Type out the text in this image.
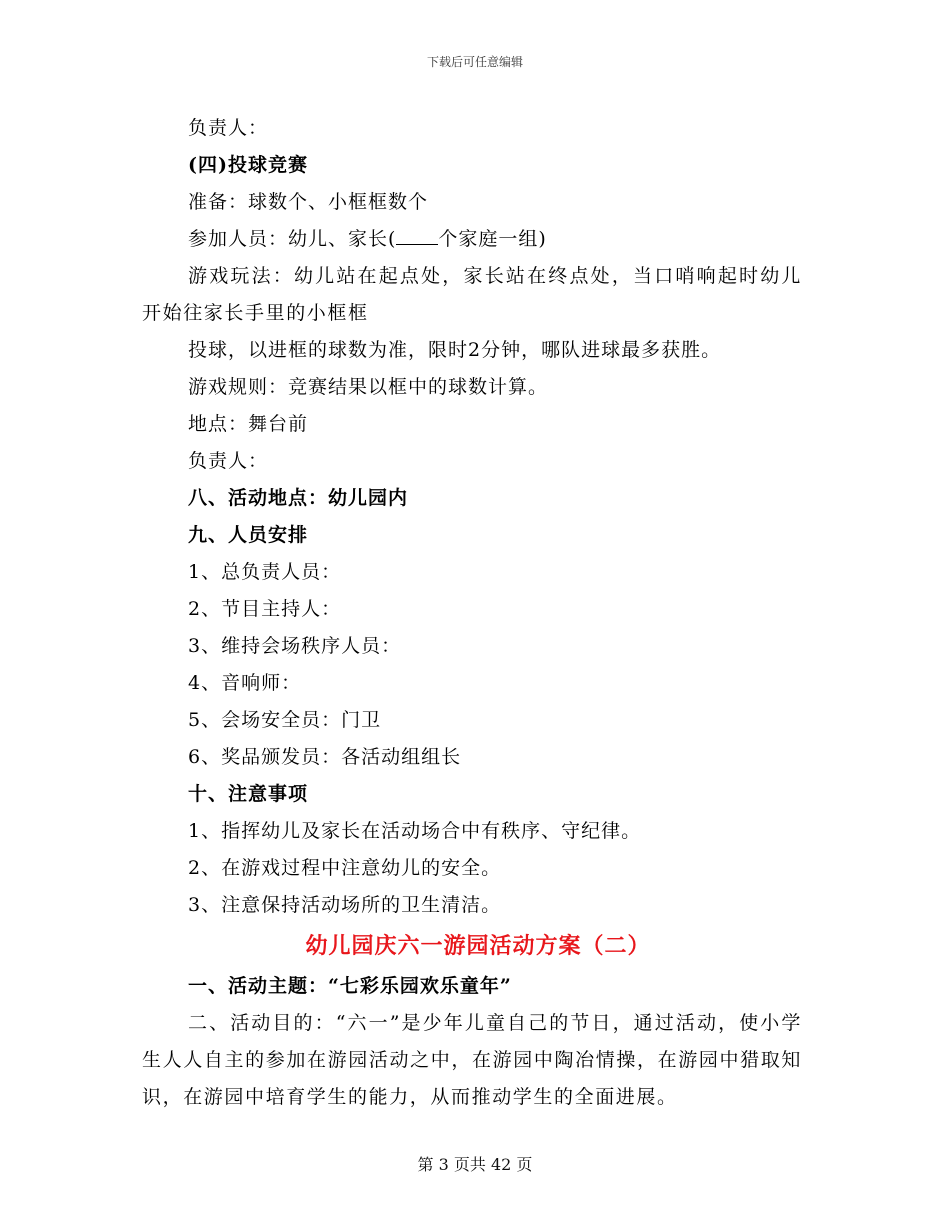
下载后可任意编辑
负责人：
(四)投球竞赛
准备：球数个、小框框数个
参加人员：幼儿、家长( 个家庭一组)
游戏玩法：幼儿站在起点处，家长站在终点处，当口哨响起时幼儿开始往家长手里的小框框
投球，以进框的球数为准，限时2分钟，哪队进球最多获胜。
游戏规则：竞赛结果以框中的球数计算。
地点：舞台前
负责人：
八、活动地点：幼儿园内
九、人员安排
1、总负责人员：
2、节目主持人：
3、维持会场秩序人员：
4、音响师：
5、会场安全员：门卫
6、奖品颁发员：各活动组组长
十、注意事项
1、指挥幼儿及家长在活动场合中有秩序、守纪律。
2、在游戏过程中注意幼儿的安全。
3、注意保持活动场所的卫生清洁。
幼儿园庆六一游园活动方案（二）
一、活动主题：“七彩乐园欢乐童年”
二、活动目的：“六一”是少年儿童自己的节日，通过活动，使小学生人人自主的参加在游园活动之中，在游园中陶冶情操，在游园中猎取知识，在游园中培育学生的能力，从而推动学生的全面进展。
第 3 页共 42 页
